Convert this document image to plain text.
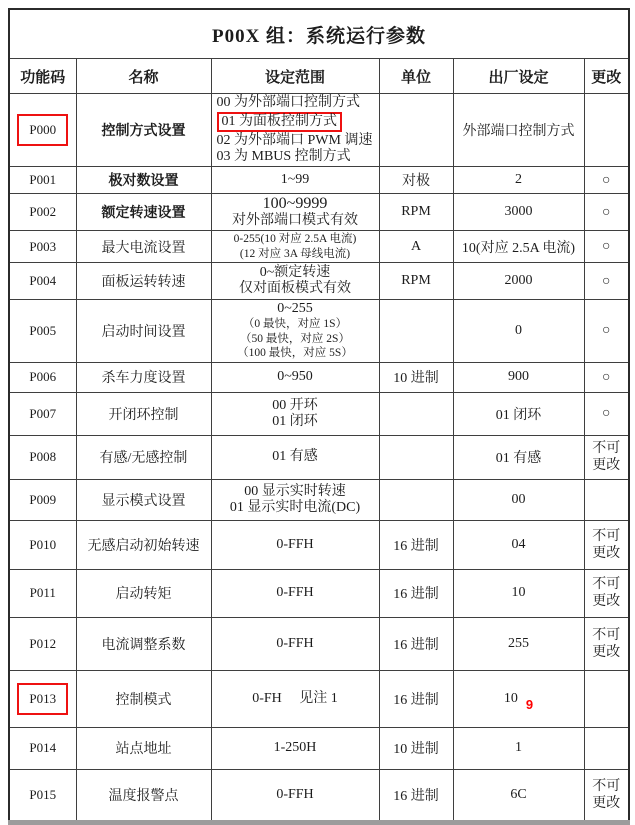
P00X 组：系统运行参数					
功能码	名称	设定范围	单位	出厂设定	更改
P000	控制方式设置	00 为外部端口控制方式
01 为面板控制方式
02 为外部端口 PWM 调速
03 为 MBUS 控制方式		外部端口控制方式	
P001	极对数设置	1~99	对极	2	○
P002	额定转速设置	100~9999
对外部端口模式有效	RPM	3000	○
P003	最大电流设置	0-255(10 对应 2.5A 电流)
(12 对应 3A 母线电流)	A	10(对应 2.5A 电流)	○
P004	面板运转转速	0~额定转速
仅对面板模式有效	RPM	2000	○
P005	启动时间设置	0~255
（0 最快，对应 1S）
（50 最快，对应 2S）
（100 最快，对应 5S）		0	○
P006	杀车力度设置	0~950	10 进制	900	○
P007	开闭环控制	00 开环
01 闭环		01 闭环	○
P008	有感/无感控制	01 有感		01 有感	不可更改
P009	显示模式设置	00 显示实时转速
01 显示实时电流(DC)		00	
P010	无感启动初始转速	0-FFH	16 进制	04	不可更改
P011	启动转矩	0-FFH	16 进制	10	不可更改
P012	电流调整系数	0-FFH	16 进制	255	不可更改
P013	控制模式	0-FH　 见注 1	16 进制	10 9	
P014	站点地址	1-250H	10 进制	1	
P015	温度报警点	0-FFH	16 进制	6C	不可更改
